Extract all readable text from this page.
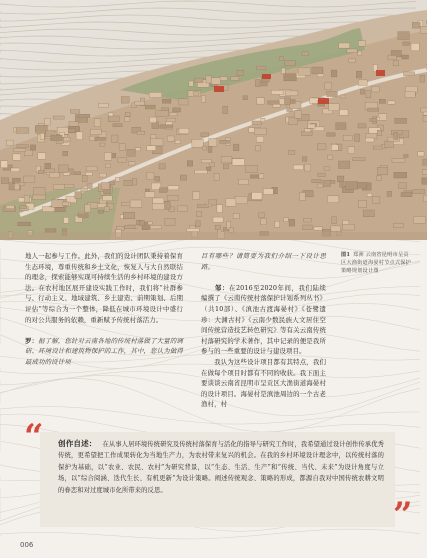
地人一起参与工作。此外，我们的设计团队秉持着保育生态环境，尊重传统和乡土文化，恢复人与大自然联结的理念，探索能够实现可持续生活的乡村环境的建设方法。在农村地区展开建设实践工作时，我们将“社群参与、行动主义、地域建筑、乡土建造、前期策划、后期评估”等综合为一个整体，降低在城市环境设计中盛行的对公共服务的依赖，重新赋予传统村落活力。

罗：据了解，您针对云南各地的传统村落做了大量的调研、环境设计和建筑物保护的工作，其中，您认为做得最成功的设计项

目有哪些？请简要为我们介绍一下设计思路。

　　邹：在2016至2020年间，我们陆续编撰了《云南传统村落保护计划系列丛书》（共10部）、《滇池古渡海晏村》《苍鹭遗珍：大渊古村》《云南少数民族人文居住空间传统营造技艺转色研究》等有关云南传统村落研究的学术著作，其中记录的便是我所参与的一些重要的设计与建设项目。

　　我认为这些设计项目都有其特点，我们在做每个项目时都有不同的收获。我下面主要谈谈云南省昆明市呈贡区大渔街道海晏村的设计项目。海晏村是滇池周边的一个古老渔村，村

图1  郑洲 云南省昆明市呈贡区大渔街道海晏村节点式保护策略规划设计图
“ 创作自述： 在从事人居环境传统研究及传统村落保育与活化的指导与研究工作时，我希望通过设计创作传承优秀传统，更希望把工作成果转化为当地生产力，为农村带来复兴的机会。在我的乡村环境设计理念中，以传统村落的保护为基础，以“农业、农民、农村”为研究背景，以“生态、生活、生产”和“传统、当代、未来”为设计角度与立场，以“综合阅涵、迭代生长、有机更新”为设计策略。阐述传统观念、策略的形成，都源自我对中国传统农耕文明的眷恋和对过度城市化所带来的反思。
”
006
